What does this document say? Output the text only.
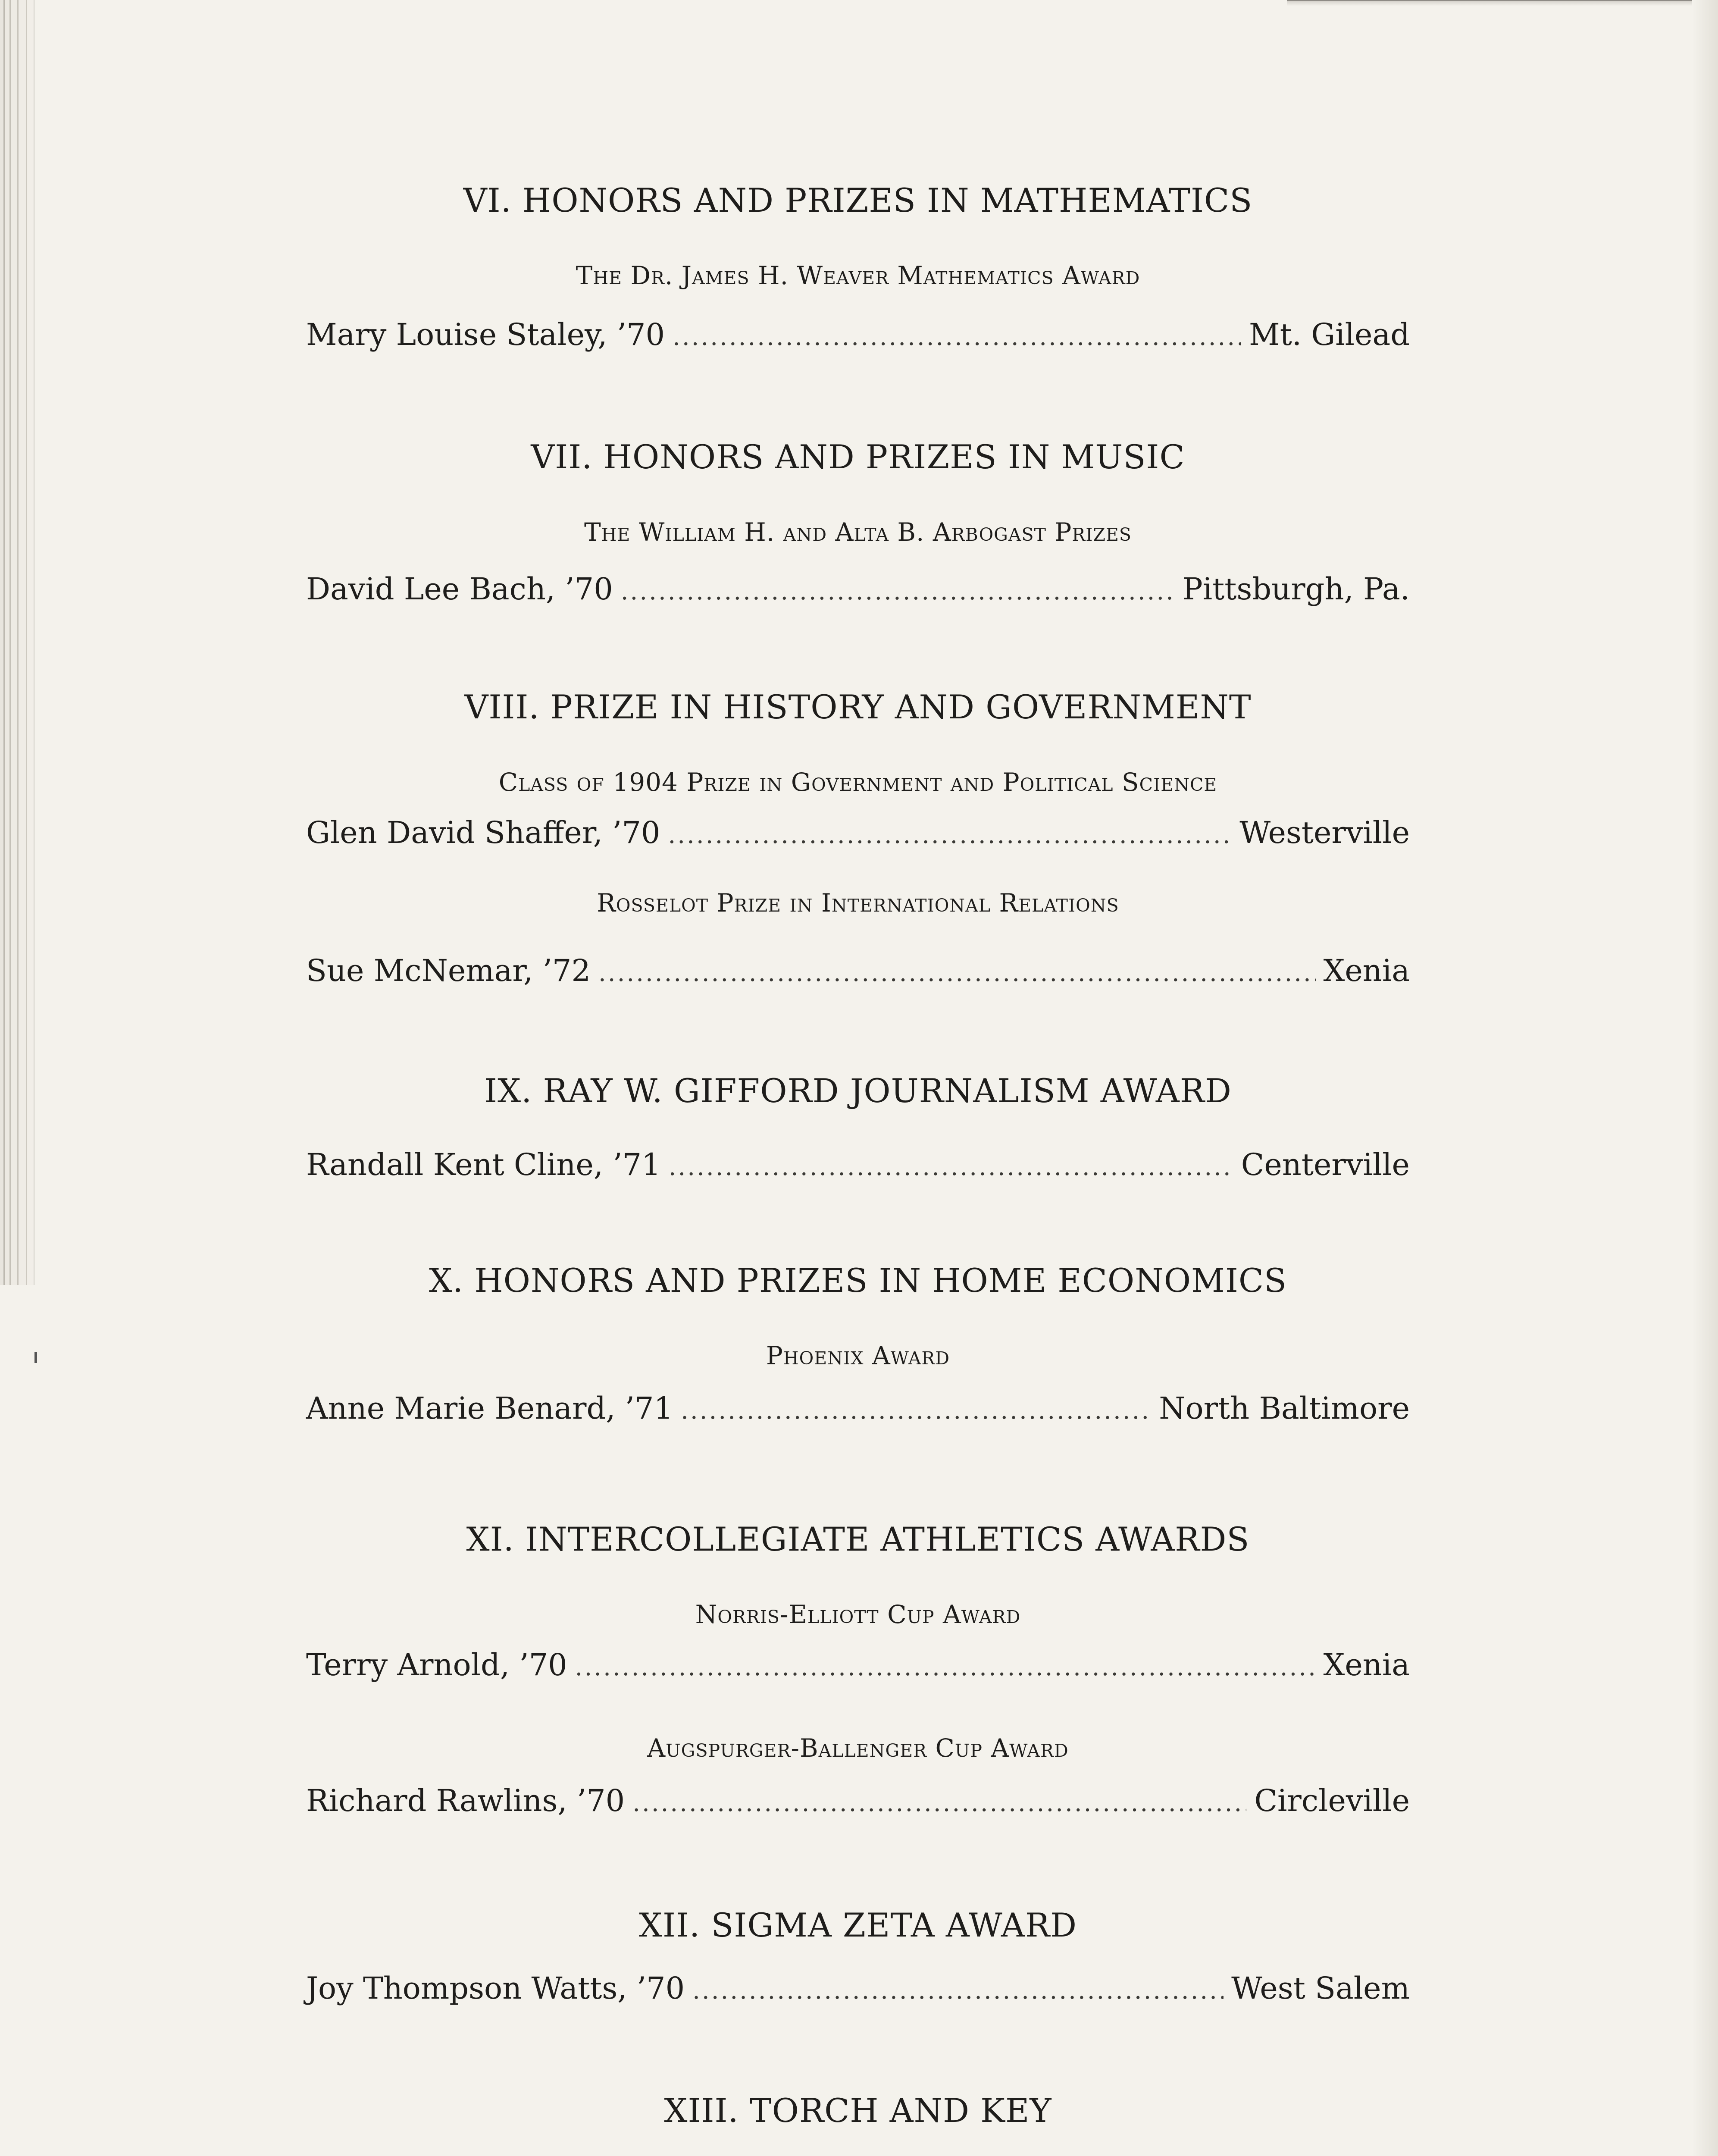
VI. HONORS AND PRIZES IN MATHEMATICS

The Dr. James H. Weaver Mathematics Award

Mary Louise Staley, ’70 .....	Mt. Gilead

VII. HONORS AND PRIZES IN MUSIC

The William H. and Alta B. Arbogast Prizes

David Lee Bach, ’70 .....	Pittsburgh, Pa.

VIII. PRIZE IN HISTORY AND GOVERNMENT

Class of 1904 Prize in Government and Political Science

Glen David Shaffer, ’70 .....	Westerville

Rosselot Prize in International Relations

Sue McNemar, ’72 .....	Xenia

IX. RAY W. GIFFORD JOURNALISM AWARD

Randall Kent Cline, ’71 .....	Centerville

X. HONORS AND PRIZES IN HOME ECONOMICS

Phoenix Award

Anne Marie Benard, ’71 .....	North Baltimore

XI. INTERCOLLEGIATE ATHLETICS AWARDS

Norris-Elliott Cup Award

Terry Arnold, ’70 .....	Xenia

Augspurger-Ballenger Cup Award

Richard Rawlins, ’70 .....	Circleville

XII. SIGMA ZETA AWARD

Joy Thompson Watts, ’70 .....	West Salem

XIII. TORCH AND KEY
